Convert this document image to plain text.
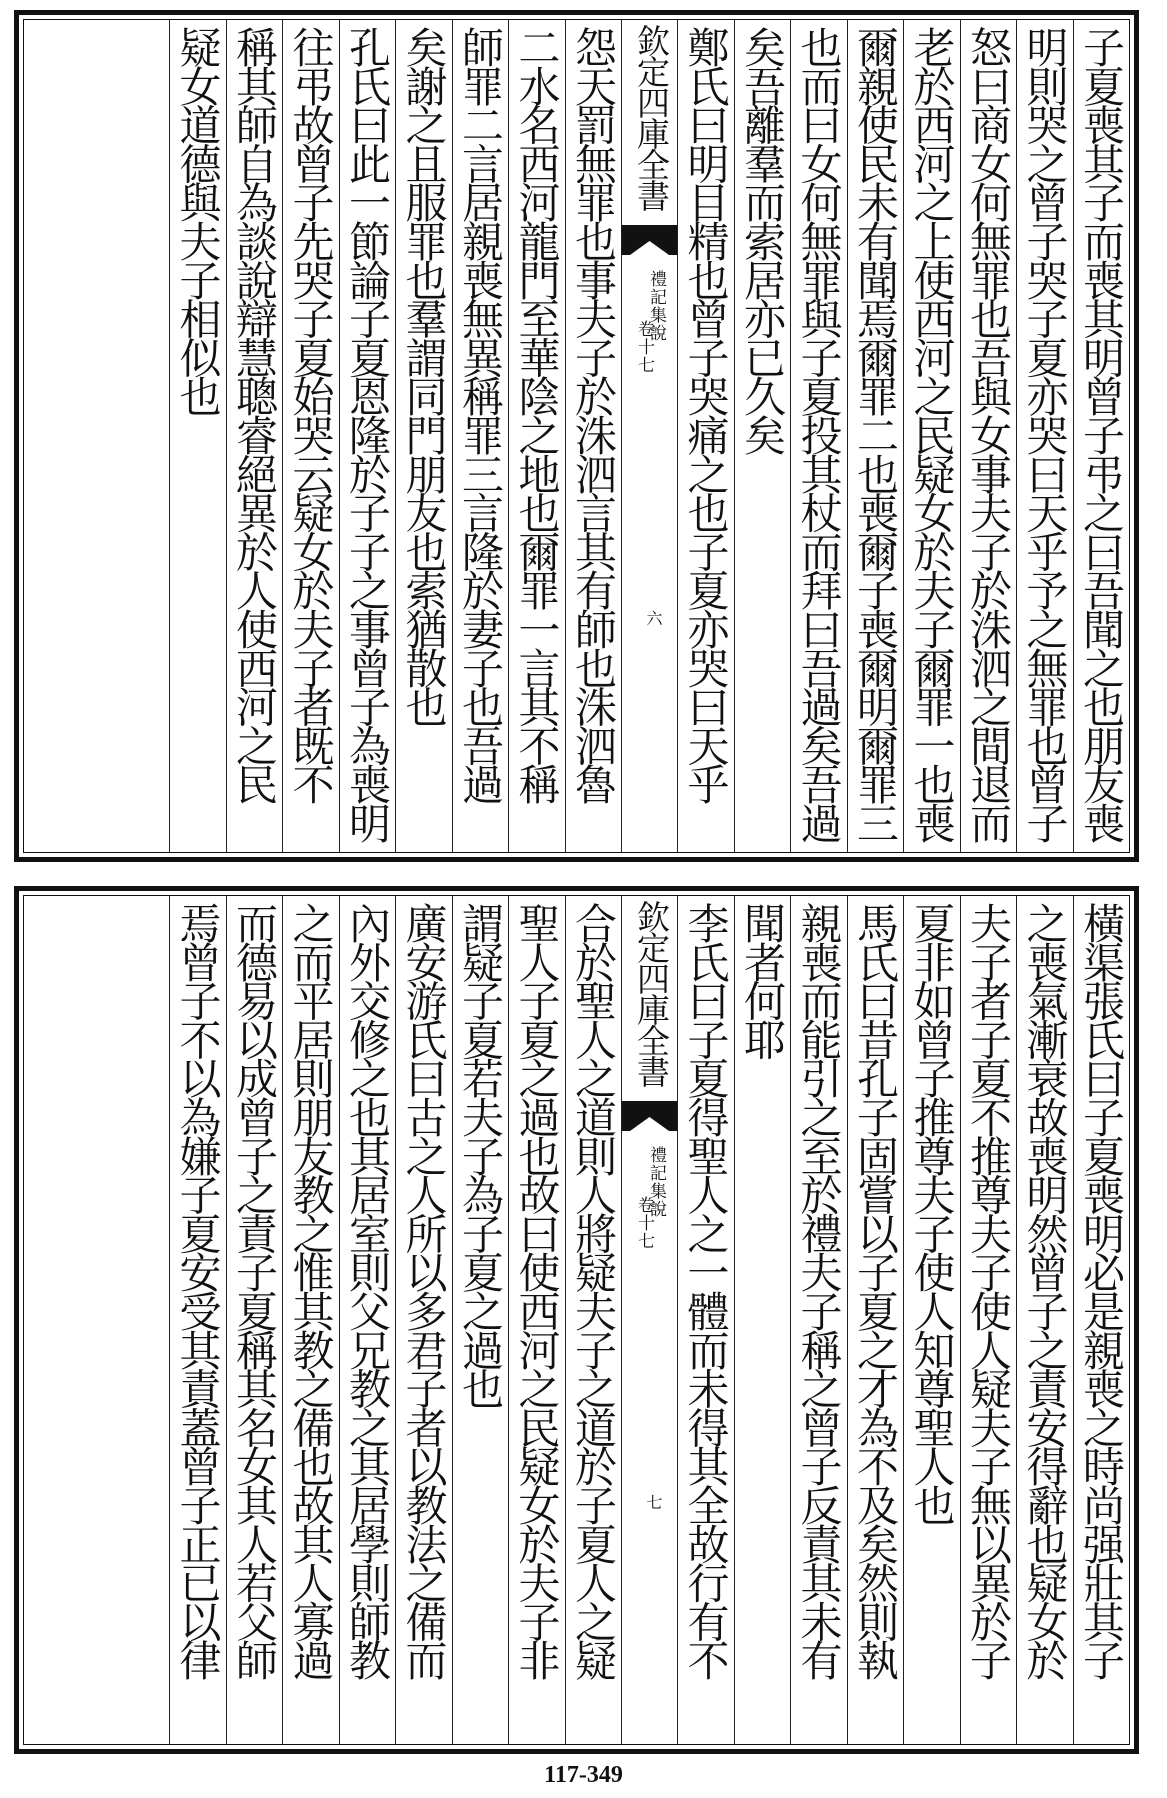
子夏喪其子而喪其明曾子弔之曰吾聞之也朋友喪
明則哭之曾子哭子夏亦哭曰天乎予之無罪也曾子
怒曰商女何無罪也吾與女事夫子於洙泗之間退而
老於西河之上使西河之民疑女於夫子爾罪一也喪
爾親使民未有聞焉爾罪二也喪爾子喪爾明爾罪三
也而曰女何無罪與子夏投其杖而拜曰吾過矣吾過
矣吾離羣而索居亦已久矣
鄭氏曰明目精也曾子哭痛之也子夏亦哭曰天乎
欽定四庫全書
禮記集說
卷十七
六
怨天罰無罪也事夫子於洙泗言其有師也洙泗魯
二水名西河龍門至華陰之地也爾罪一言其不稱
師罪二言居親喪無異稱罪三言隆於妻子也吾過
矣謝之且服罪也羣謂同門朋友也索猶散也
孔氏曰此一節論子夏恩隆於子子之事曾子為喪明
往弔故曾子先哭子夏始哭云疑女於夫子者既不
稱其師自為談說辯慧聰睿絕異於人使西河之民
疑女道德與夫子相似也
橫渠張氏曰子夏喪明必是親喪之時尚强壯其子
之喪氣漸衰故喪明然曾子之責安得辭也疑女於
夫子者子夏不推尊夫子使人疑夫子無以異於子
夏非如曾子推尊夫子使人知尊聖人也
馬氏曰昔孔子固嘗以子夏之才為不及矣然則執
親喪而能引之至於禮夫子稱之曾子反責其未有
聞者何耶
李氏曰子夏得聖人之一體而未得其全故行有不
欽定四庫全書
禮記集說
卷十七
七
合於聖人之道則人將疑夫子之道於子夏人之疑
聖人子夏之過也故曰使西河之民疑女於夫子非
謂疑子夏若夫子為子夏之過也
廣安游氏曰古之人所以多君子者以教法之備而
內外交修之也其居室則父兄教之其居學則師教
之而平居則朋友教之惟其教之備也故其人寡過
而德易以成曾子之責子夏稱其名女其人若父師
焉曾子不以為嫌子夏安受其責蓋曾子正已以律
117-349
